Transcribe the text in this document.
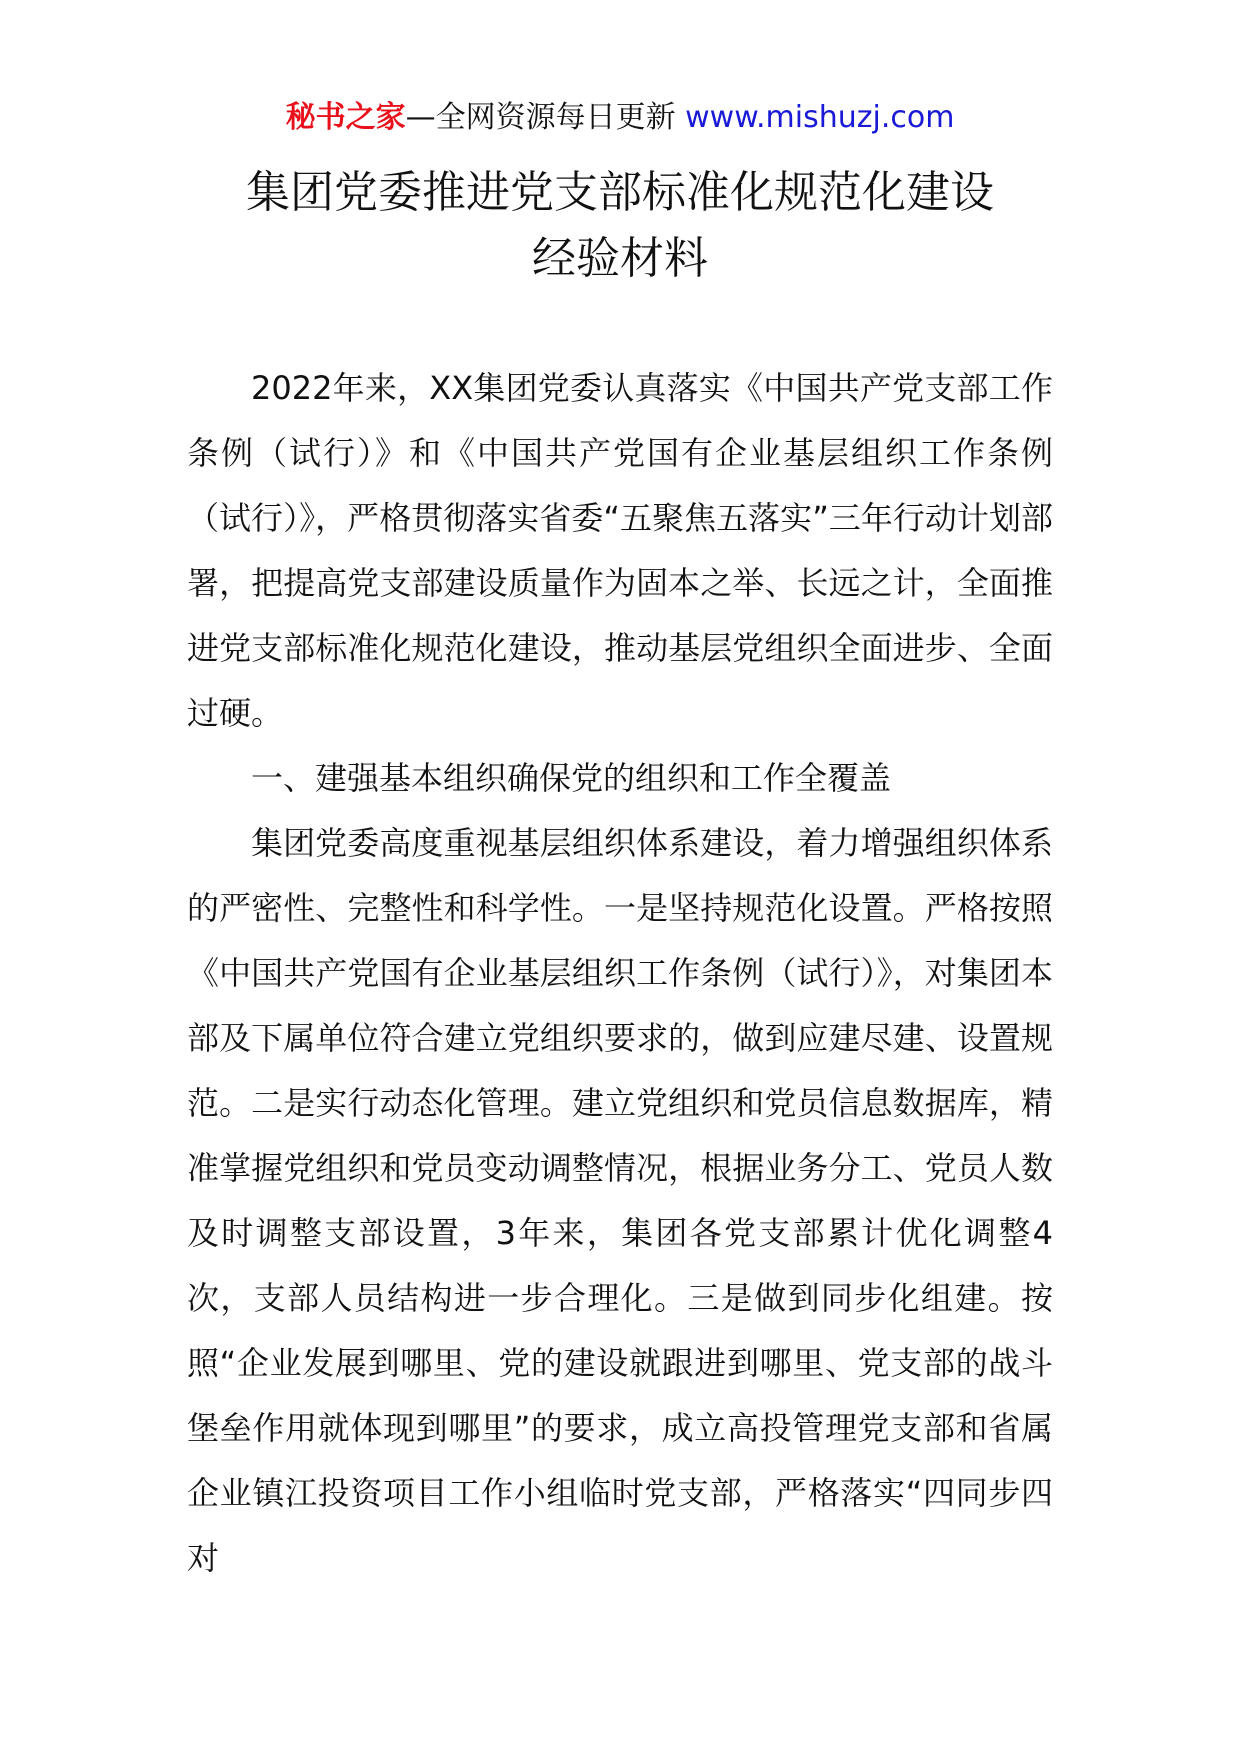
秘书之家—全网资源每日更新 www.mishuzj.com
集团党委推进党支部标准化规范化建设
经验材料

2022年来，XX集团党委认真落实《中国共产党支部工作条例（试行）》和《中国共产党国有企业基层组织工作条例（试行）》，严格贯彻落实省委“五聚焦五落实”三年行动计划部署，把提高党支部建设质量作为固本之举、长远之计，全面推进党支部标准化规范化建设，推动基层党组织全面进步、全面过硬。

一、建强基本组织确保党的组织和工作全覆盖

集团党委高度重视基层组织体系建设，着力增强组织体系的严密性、完整性和科学性。一是坚持规范化设置。严格按照《中国共产党国有企业基层组织工作条例（试行）》，对集团本部及下属单位符合建立党组织要求的，做到应建尽建、设置规范。二是实行动态化管理。建立党组织和党员信息数据库，精准掌握党组织和党员变动调整情况，根据业务分工、党员人数及时调整支部设置，3年来，集团各党支部累计优化调整4次，支部人员结构进一步合理化。三是做到同步化组建。按照“企业发展到哪里、党的建设就跟进到哪里、党支部的战斗堡垒作用就体现到哪里”的要求，成立高投管理党支部和省属企业镇江投资项目工作小组临时党支部，严格落实“四同步四对
